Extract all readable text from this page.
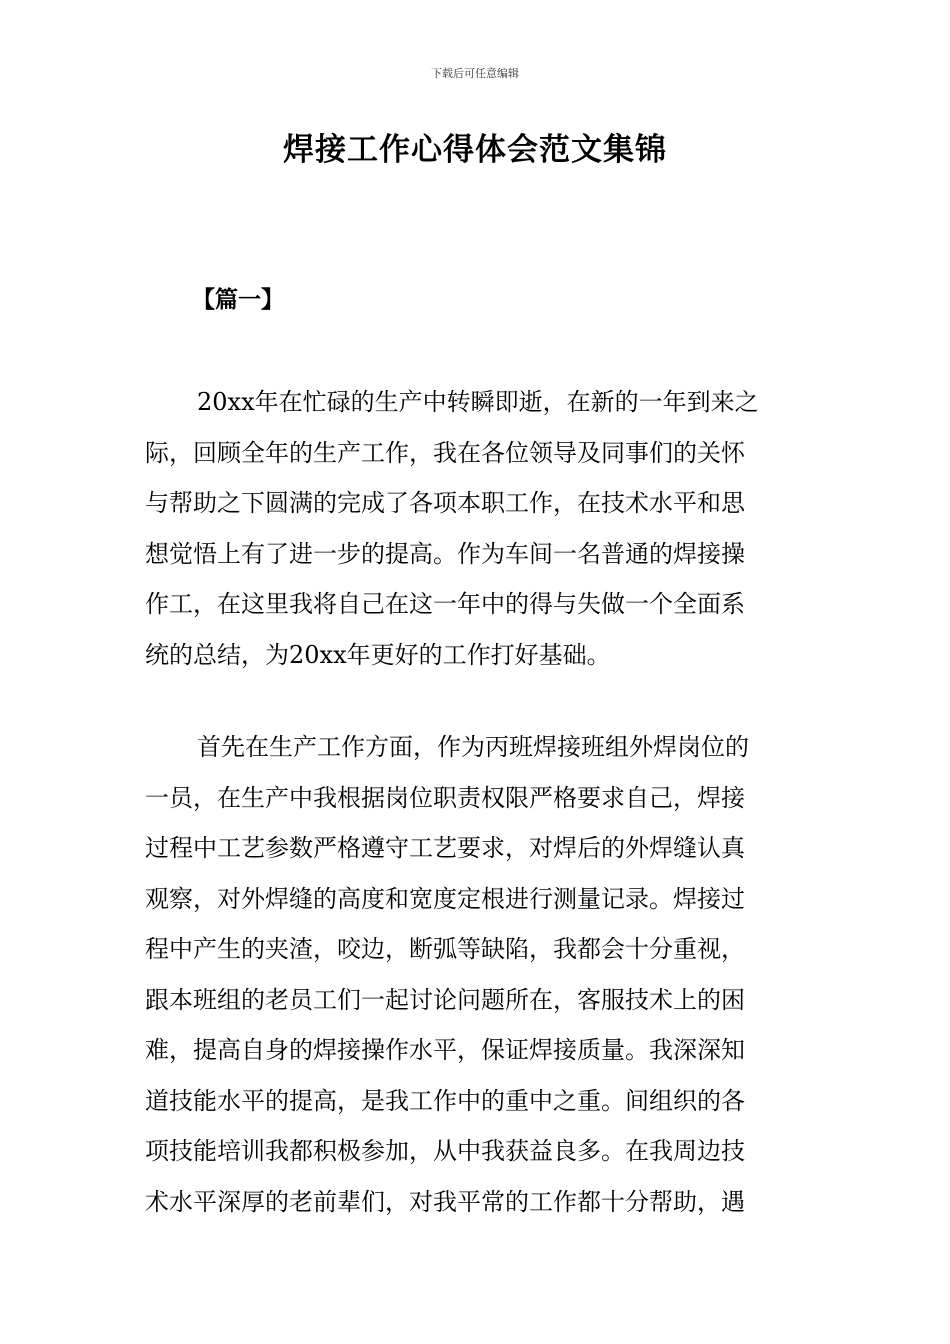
下载后可任意编辑
焊接工作心得体会范文集锦
【篇一】
20xx年在忙碌的生产中转瞬即逝，在新的一年到来之
际，回顾全年的生产工作，我在各位领导及同事们的关怀
与帮助之下圆满的完成了各项本职工作，在技术水平和思
想觉悟上有了进一步的提高。作为车间一名普通的焊接操
作工，在这里我将自己在这一年中的得与失做一个全面系
统的总结，为20xx年更好的工作打好基础。
首先在生产工作方面，作为丙班焊接班组外焊岗位的
一员，在生产中我根据岗位职责权限严格要求自己，焊接
过程中工艺参数严格遵守工艺要求，对焊后的外焊缝认真
观察，对外焊缝的高度和宽度定根进行测量记录。焊接过
程中产生的夹渣，咬边，断弧等缺陷，我都会十分重视，
跟本班组的老员工们一起讨论问题所在，客服技术上的困
难，提高自身的焊接操作水平，保证焊接质量。我深深知
道技能水平的提高，是我工作中的重中之重。间组织的各
项技能培训我都积极参加，从中我获益良多。在我周边技
术水平深厚的老前辈们，对我平常的工作都十分帮助，遇
